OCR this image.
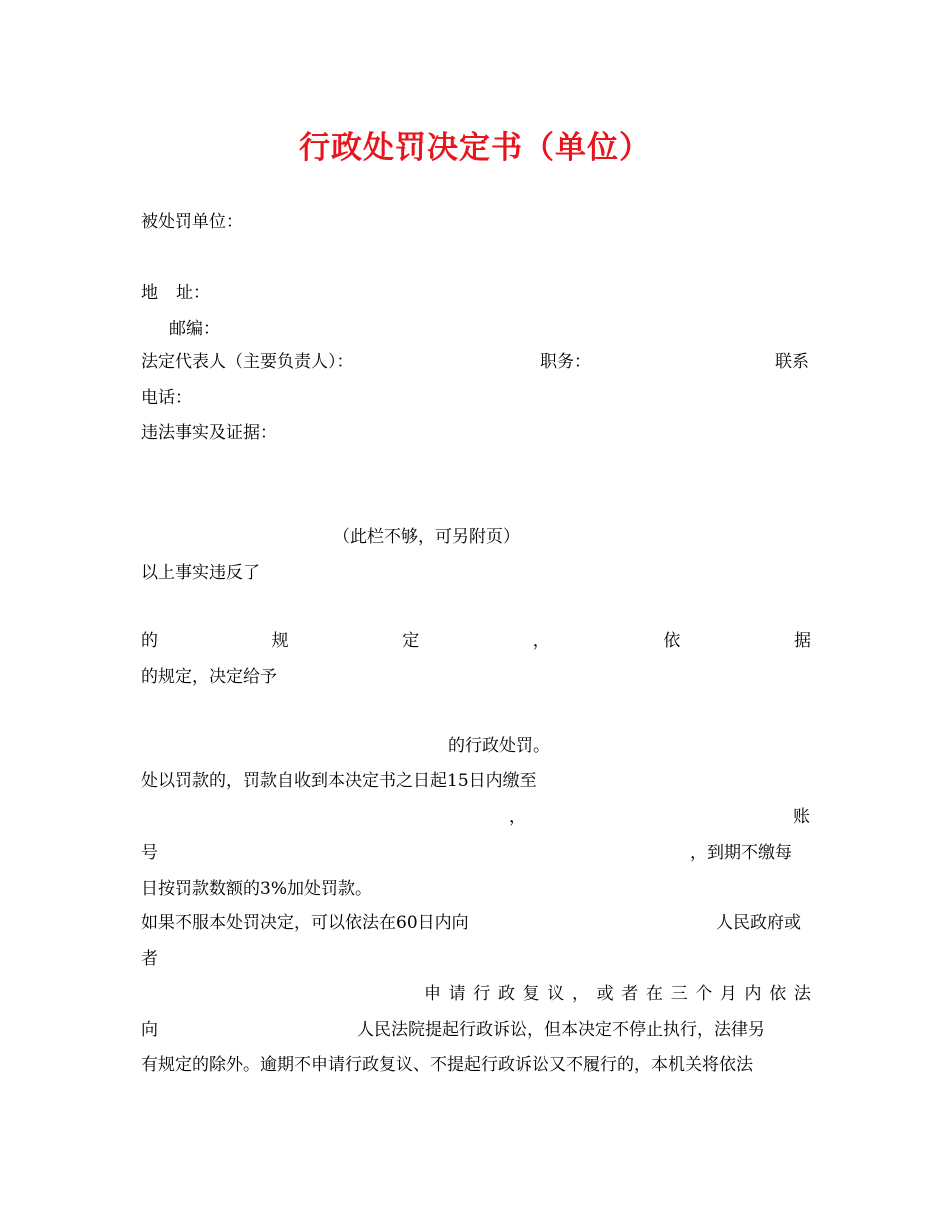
行政处罚决定书（单位）
被处罚单位：
地 址：
邮编：
法定代表人（主要负责人）：	职务：	联系
电话：
违法事实及证据：
（此栏不够，可另附页）
以上事实违反了
的	规	定	，	依	据
的规定，决定给予
的行政处罚。
处以罚款的，罚款自收到本决定书之日起15日内缴至
，	账
号	，到期不缴每
日按罚款数额的3%加处罚款。
如果不服本处罚决定，可以依法在60日内向	人民政府或
者
申 请 行 政 复 议 ， 或 者 在 三 个 月 内 依 法
向	人民法院提起行政诉讼，但本决定不停止执行，法律另
有规定的除外。逾期不申请行政复议、不提起行政诉讼又不履行的，本机关将依法
